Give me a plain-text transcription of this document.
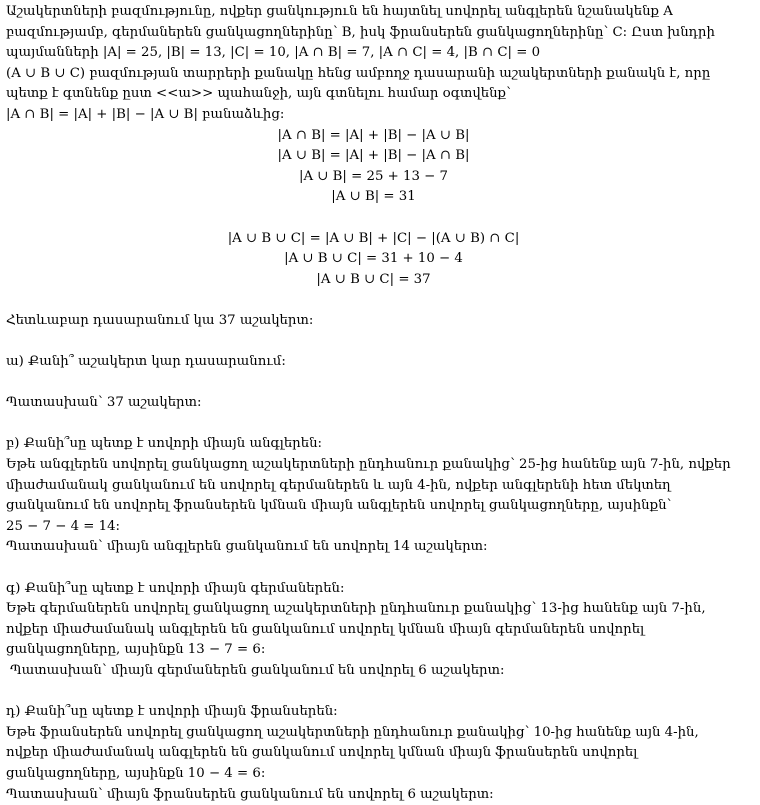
Աշակերտների բազմությունը, ովքեր ցանկություն են հայտնել սովորել անգլերեն նշանակենք A
բազմությամբ, գերմաներեն ցանկացողներինը՝ B, իսկ ֆրանսերեն ցանկացողներինը՝ C: Ըստ խնդրի
պայմանների |A| = 25, |B| = 13, |C| = 10, |A ∩ B| = 7, |A ∩ C| = 4, |B ∩ C| = 0
(A ∪ B ∪ C) բազմության տարրերի քանակը հենց ամբողջ դասարանի աշակերտների քանակն է, որը
պետք է գտնենք ըստ <<ա>> պահանջի, այն գտնելու համար օգտվենք՝
|A ∩ B| = |A| + |B| − |A ∪ B| բանաձևից:
|A ∩ B| = |A| + |B| − |A ∪ B|
|A ∪ B| = |A| + |B| − |A ∩ B|
|A ∪ B| = 25 + 13 − 7
|A ∪ B| = 31
|A ∪ B ∪ C| = |A ∪ B| + |C| − |(A ∪ B) ∩ C|
|A ∪ B ∪ C| = 31 + 10 − 4
|A ∪ B ∪ C| = 37
Հետևաբար դասարանում կա 37 աշակերտ:
ա) Քանի՞ աշակերտ կար դասարանում:
Պատասխան՝ 37 աշակերտ:
բ) Քանի՞սը պետք է սովորի միայն անգլերեն:
Եթե անգլերեն սովորել ցանկացող աշակերտների ընդհանուր քանակից՝ 25-ից հանենք այն 7-ին, ովքեր
միաժամանակ ցանկանում են սովորել գերմաներեն և այն 4-ին, ովքեր անգլերենի հետ մեկտեղ
ցանկանում են սովորել ֆրանսերեն կմնան միայն անգլերեն սովորել ցանկացողները, այսինքն՝
25 − 7 − 4 = 14:
Պատասխան՝ միայն անգլերեն ցանկանում են սովորել 14 աշակերտ:
գ) Քանի՞սը պետք է սովորի միայն գերմաներեն:
Եթե գերմաներեն սովորել ցանկացող աշակերտների ընդհանուր քանակից՝ 13-ից հանենք այն 7-ին,
ովքեր միաժամանակ անգլերեն են ցանկանում սովորել կմնան միայն գերմաներեն սովորել
ցանկացողները, այսինքն 13 − 7 = 6:
Պատասխան՝ միայն գերմաներեն ցանկանում են սովորել 6 աշակերտ:
դ) Քանի՞սը պետք է սովորի միայն ֆրանսերեն:
Եթե ֆրանսերեն սովորել ցանկացող աշակերտների ընդհանուր քանակից՝ 10-ից հանենք այն 4-ին,
ովքեր միաժամանակ անգլերեն են ցանկանում սովորել կմնան միայն ֆրանսերեն սովորել
ցանկացողները, այսինքն 10 − 4 = 6:
Պատասխան՝ միայն ֆրանսերեն ցանկանում են սովորել 6 աշակերտ:
